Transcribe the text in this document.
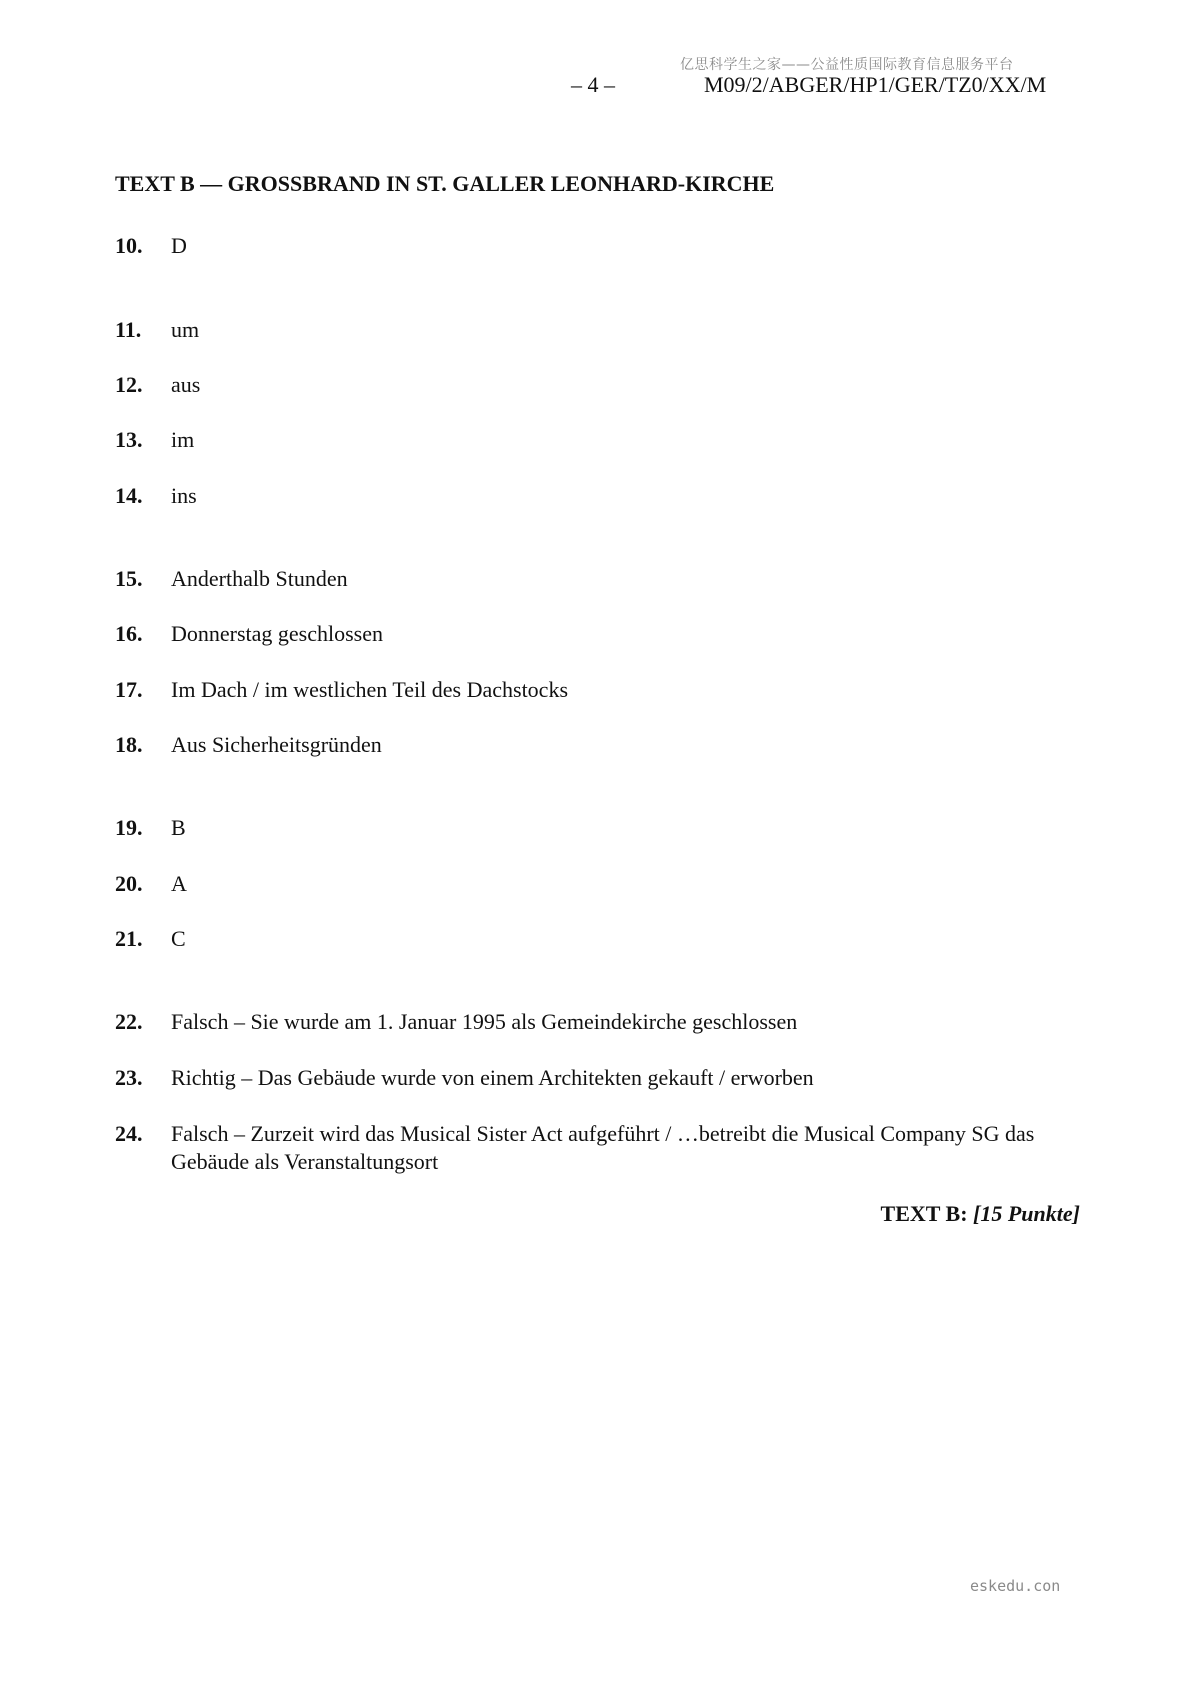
亿思科学生之家——公益性质国际教育信息服务平台
– 4 –	M09/2/ABGER/HP1/GER/TZ0/XX/M
TEXT B — GROSSBRAND IN ST. GALLER LEONHARD-KIRCHE
10.	D
11.	um
12.	aus
13.	im
14.	ins
15.	Anderthalb Stunden
16.	Donnerstag geschlossen
17.	Im Dach / im westlichen Teil des Dachstocks
18.	Aus Sicherheitsgründen
19.	B
20.	A
21.	C
22.	Falsch – Sie wurde am 1. Januar 1995 als Gemeindekirche geschlossen
23.	Richtig – Das Gebäude wurde von einem Architekten gekauft / erworben
24.	Falsch – Zurzeit wird das Musical Sister Act aufgeführt / …betreibt die Musical Company SG das Gebäude als Veranstaltungsort
TEXT B: [15 Punkte]
eskedu.con
